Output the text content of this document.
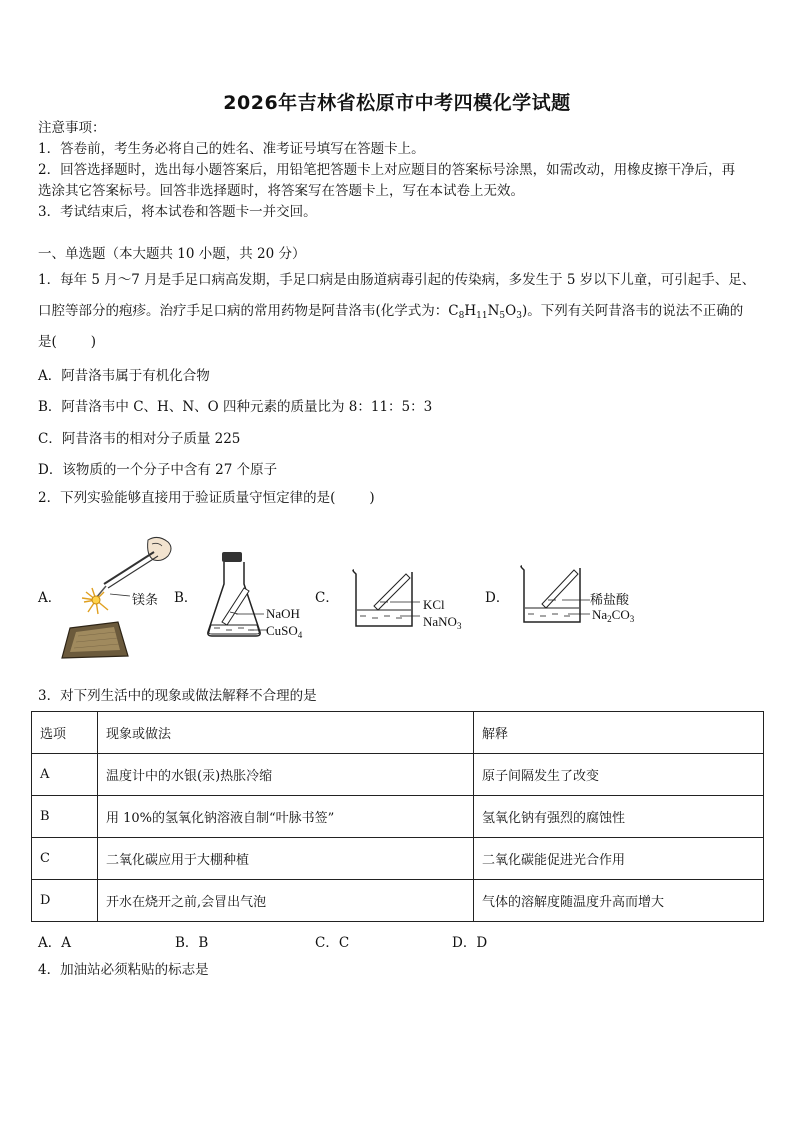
2026年吉林省松原市中考四模化学试题
注意事项：
1．答卷前，考生务必将自己的姓名、准考证号填写在答题卡上。
2．回答选择题时，选出每小题答案后，用铅笔把答题卡上对应题目的答案标号涂黑，如需改动，用橡皮擦干净后，再
选涂其它答案标号。回答非选择题时，将答案写在答题卡上，写在本试卷上无效。
3．考试结束后，将本试卷和答题卡一并交回。
一、单选题（本大题共 10 小题，共 20 分）
1．每年 5 月～7 月是手足口病高发期，手足口病是由肠道病毒引起的传染病，多发生于 5 岁以下儿童，可引起手、足、
口腔等部分的疱疹。治疗手足口病的常用药物是阿昔洛韦(化学式为：$C_8H_{11}N_5O_3$)。下列有关阿昔洛韦的说法不正确的
是(	)
A．阿昔洛韦属于有机化合物
B．阿昔洛韦中 C、H、N、O 四种元素的质量比为 8：11：5：3
C．阿昔洛韦的相对分子质量 225
D．该物质的一个分子中含有 27 个原子
2．下列实验能够直接用于验证质量守恒定律的是(	)
A．	B．	C．	D．
镁条
NaOH
CuSO$_4$
KCl
NaNO$_3$
稀盐酸
$Na_2CO_3$
3．对下列生活中的现象或做法解释不合理的是
选项	现象或做法	解释
A	温度计中的水银(汞)热胀冷缩	原子间隔发生了改变
B	用 10%的氢氧化钠溶液自制“叶脉书签”	氢氧化钠有强烈的腐蚀性
C	二氧化碳应用于大棚种植	二氧化碳能促进光合作用
D	开水在烧开之前,会冒出气泡	气体的溶解度随温度升高而增大
A．A	B．B	C．C	D．D
4．加油站必须粘贴的标志是
